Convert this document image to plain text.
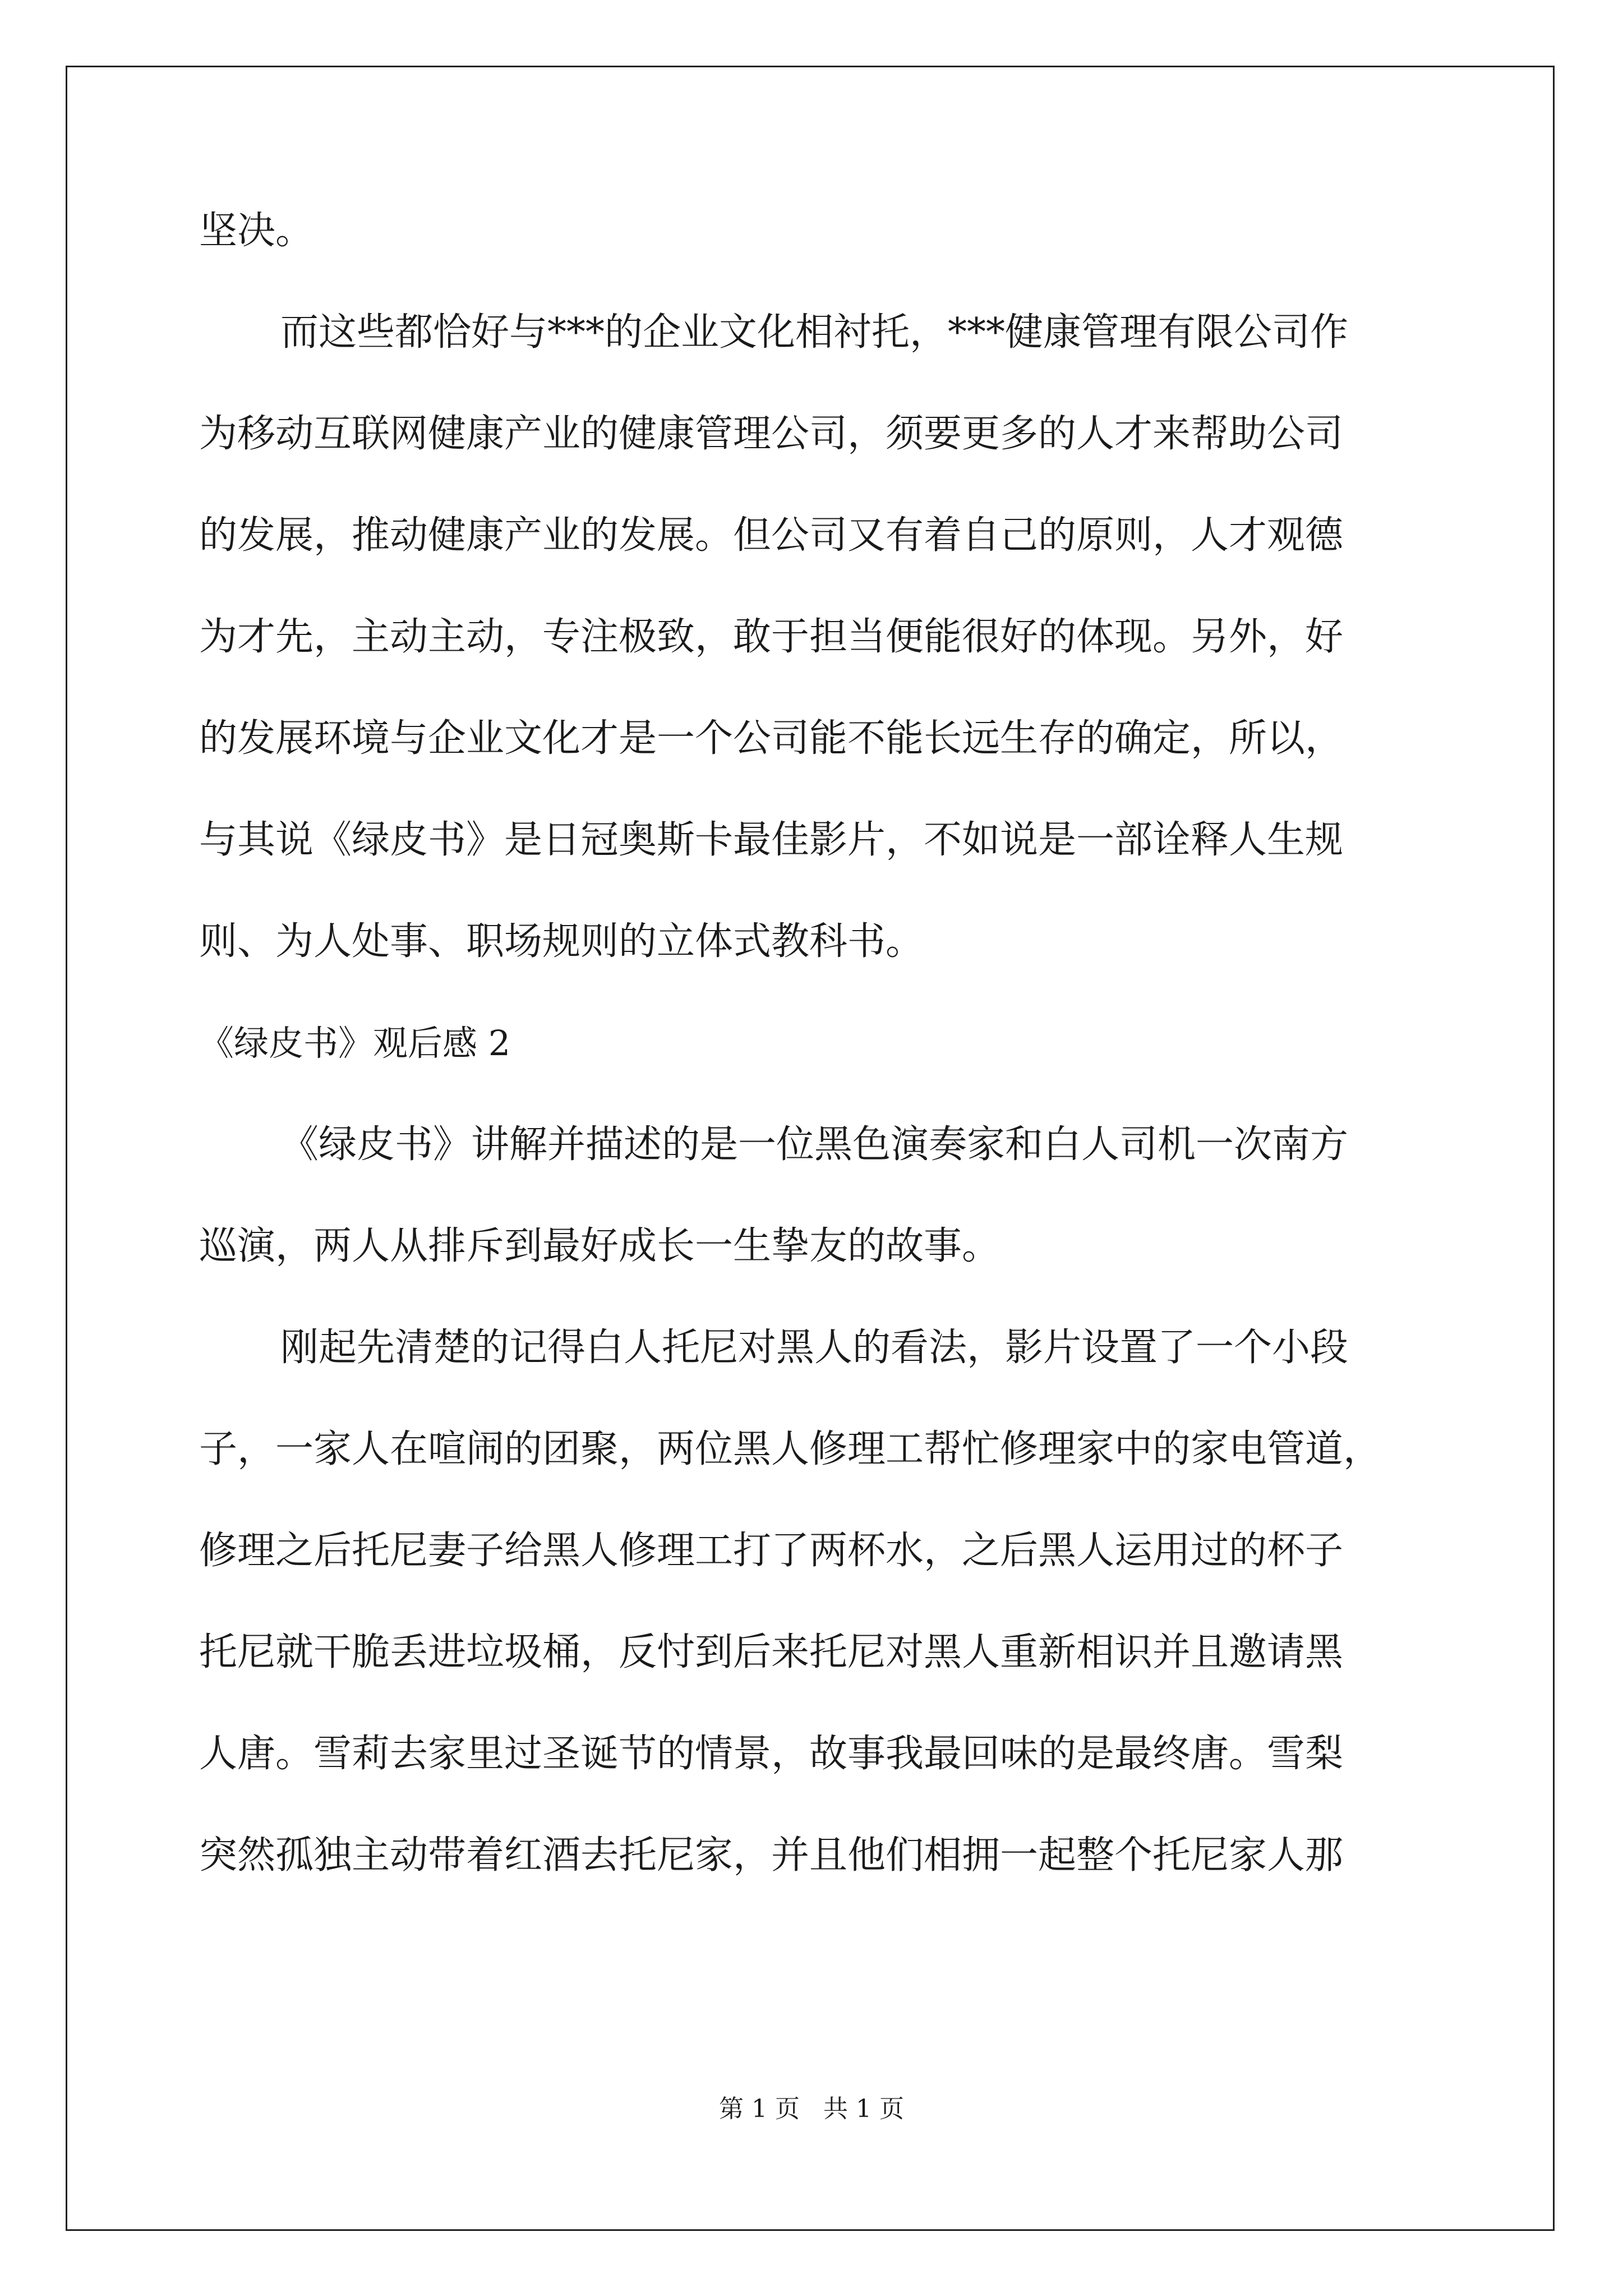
坚决。
而这些都恰好与***的企业文化相衬托，***健康管理有限公司作
为移动互联网健康产业的健康管理公司，须要更多的人才来帮助公司
的发展，推动健康产业的发展。但公司又有着自己的原则，人才观德
为才先，主动主动，专注极致，敢于担当便能很好的体现。另外，好
的发展环境与企业文化才是一个公司能不能长远生存的确定，所以，
与其说《绿皮书》是日冠奥斯卡最佳影片，不如说是一部诠释人生规
则、为人处事、职场规则的立体式教科书。
《绿皮书》观后感 2
《绿皮书》讲解并描述的是一位黑色演奏家和白人司机一次南方
巡演，两人从排斥到最好成长一生挚友的故事。
刚起先清楚的记得白人托尼对黑人的看法，影片设置了一个小段
子，一家人在喧闹的团聚，两位黑人修理工帮忙修理家中的家电管道，
修理之后托尼妻子给黑人修理工打了两杯水，之后黑人运用过的杯子
托尼就干脆丢进垃圾桶，反忖到后来托尼对黑人重新相识并且邀请黑
人唐。雪莉去家里过圣诞节的情景，故事我最回味的是最终唐。雪梨
突然孤独主动带着红酒去托尼家，并且他们相拥一起整个托尼家人那
第 1 页 共 1 页
